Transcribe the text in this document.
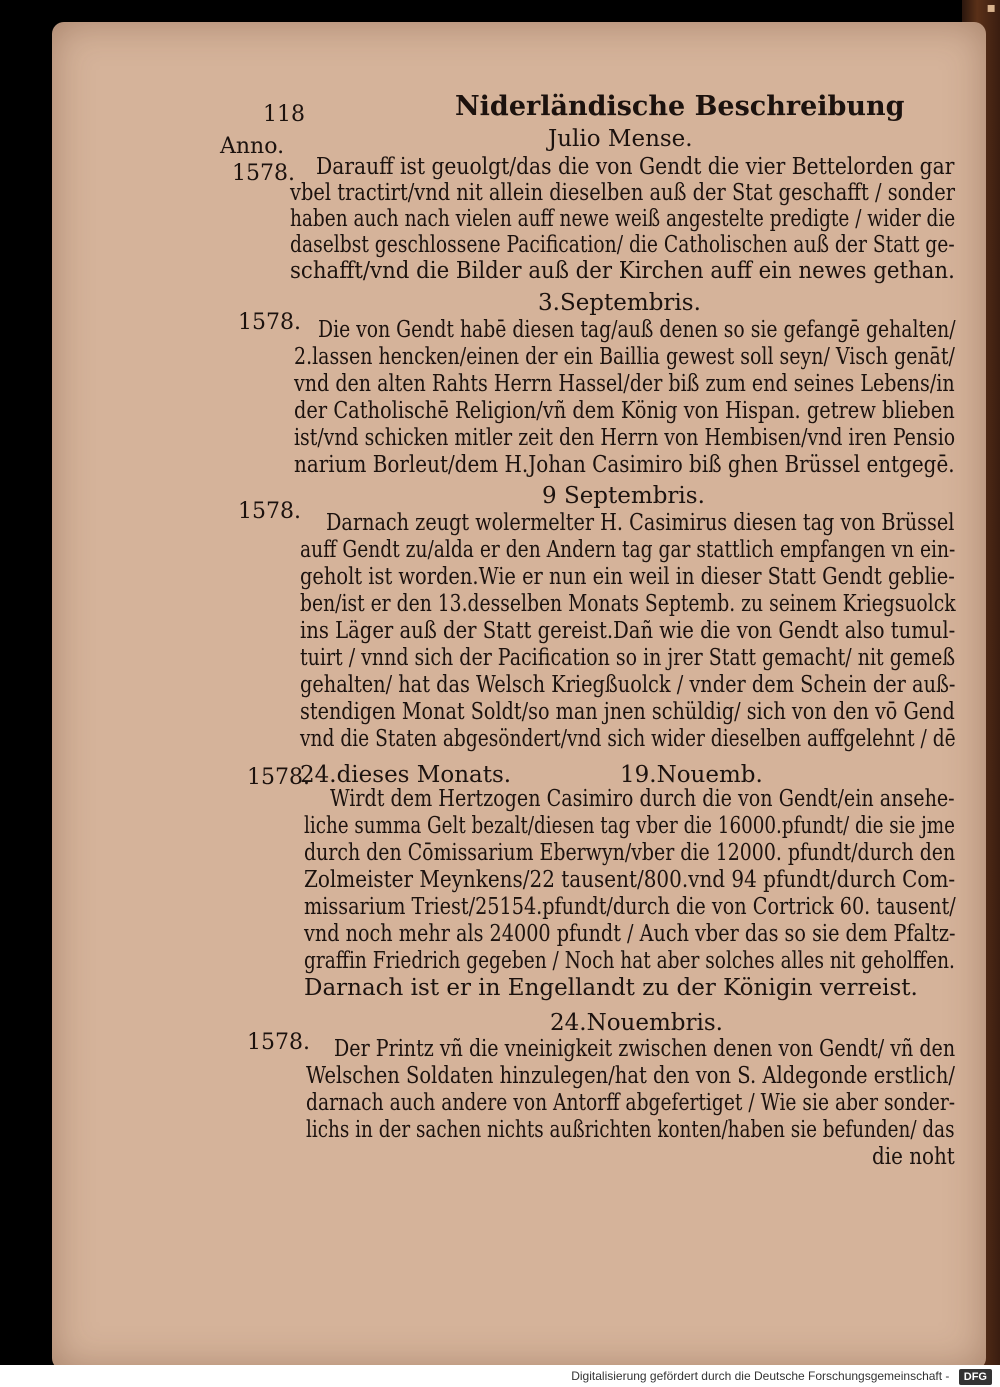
▪
118	Niderländische Beschreibung
Anno.
1578.
1578.
1578.
1578.
1578.
Julio Mense.
3.Septembris.
9 Septembris.
19.Nouemb.
24.Nouembris.
Darauff ist geuolgt/das die von Gendt die vier Bettelorden gar
vbel tractirt/vnd nit allein dieselben auß der Stat geschafft / sonder
haben auch nach vielen auff newe weiß angestelte predigte / wider die
daselbst geschlossene Pacification/ die Catholischen auß der Statt ge-
schafft/vnd die Bilder auß der Kirchen auff ein newes gethan.
Die von Gendt habē diesen tag/auß denen so sie gefangē gehalten/
2.lassen hencken/einen der ein Baillia gewest soll seyn/ Visch genāt/
vnd den alten Rahts Herrn Hassel/der biß zum end seines Lebens/in
der Catholischē Religion/vñ dem König von Hispan. getrew blieben
ist/vnd schicken mitler zeit den Herrn von Hembisen/vnd iren Pensio
narium Borleut/dem H.Johan Casimiro biß ghen Brüssel entgegē.
Darnach zeugt wolermelter H. Casimirus diesen tag von Brüssel
auff Gendt zu/alda er den Andern tag gar stattlich empfangen vn ein-
geholt ist worden.Wie er nun ein weil in dieser Statt Gendt geblie-
ben/ist er den 13.desselben Monats Septemb. zu seinem Kriegsuolck
ins Läger auß der Statt gereist.Dañ wie die von Gendt also tumul-
tuirt / vnnd sich der Pacification so in jrer Statt gemacht/ nit gemeß
gehalten/ hat das Welsch Kriegßuolck / vnder dem Schein der auß-
stendigen Monat Soldt/so man jnen schüldig/ sich von den vō Gend
vnd die Staten abgesöndert/vnd sich wider dieselben auffgelehnt / dē
24.dieses Monats.
Wirdt dem Hertzogen Casimiro durch die von Gendt/ein ansehe-
liche summa Gelt bezalt/diesen tag vber die 16000.pfundt/ die sie jme
durch den Cōmissarium Eberwyn/vber die 12000. pfundt/durch den
Zolmeister Meynkens/22 tausent/800.vnd 94 pfundt/durch Com-
missarium Triest/25154.pfundt/durch die von Cortrick 60. tausent/
vnd noch mehr als 24000 pfundt / Auch vber das so sie dem Pfaltz-
graffin Friedrich gegeben / Noch hat aber solches alles nit geholffen.
Darnach ist er in Engellandt zu der Königin verreist.
Der Printz vñ die vneinigkeit zwischen denen von Gendt/ vñ den
Welschen Soldaten hinzulegen/hat den von S. Aldegonde erstlich/
darnach auch andere von Antorff abgefertiget / Wie sie aber sonder-
lichs in der sachen nichts außrichten konten/haben sie befunden/ das
die noht
Digitalisierung gefördert durch die Deutsche Forschungsgemeinschaft - DFG
